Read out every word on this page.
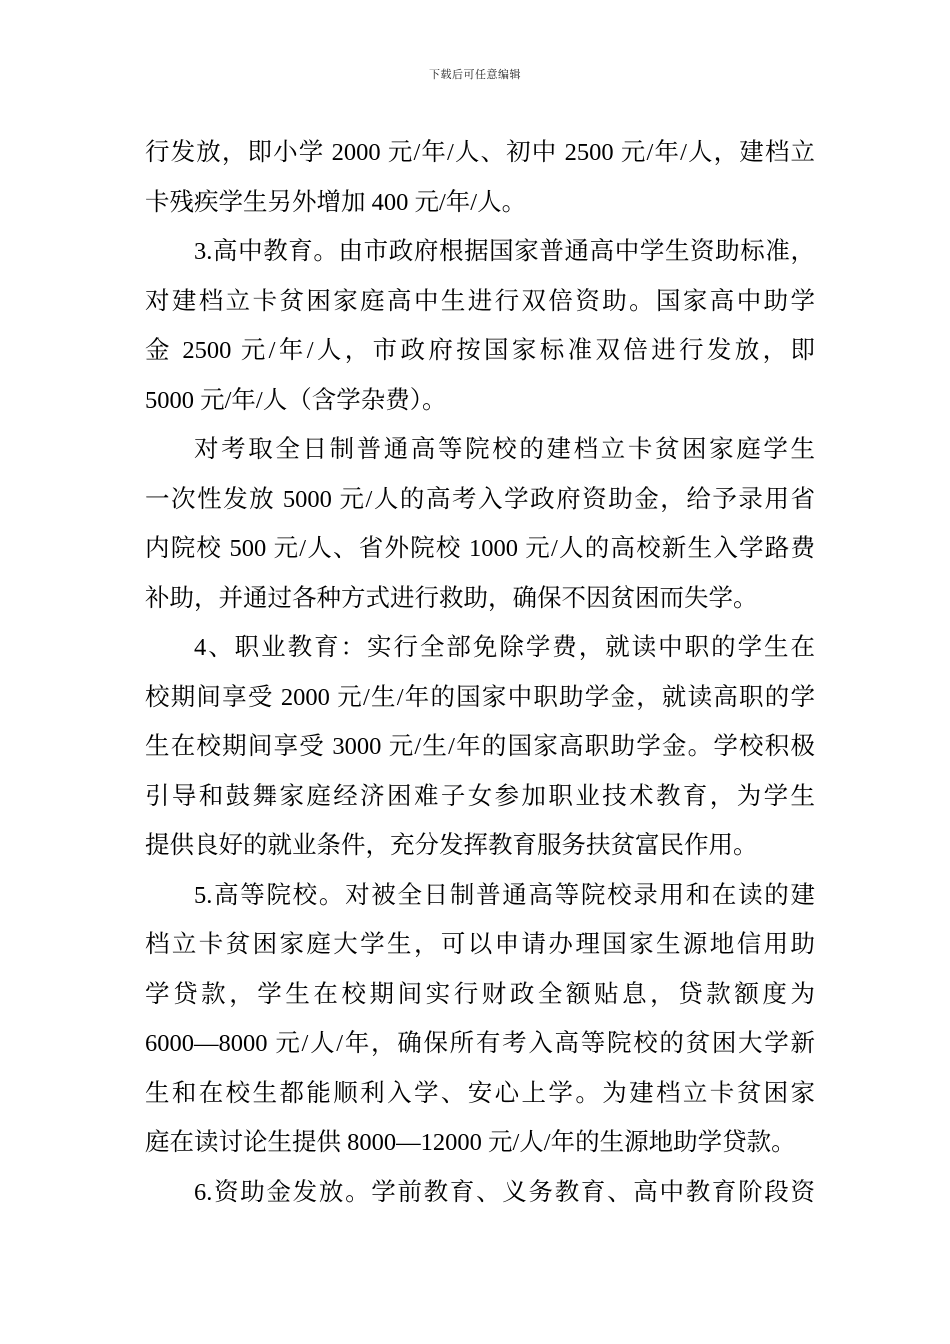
下载后可任意编辑
行发放，即小学 2000 元/年/人、初中 2500 元/年/人，建档立
卡残疾学生另外增加 400 元/年/人。
3.高中教育。由市政府根据国家普通高中学生资助标准，
对建档立卡贫困家庭高中生进行双倍资助。国家高中助学
金 2500 元/年/人，市政府按国家标准双倍进行发放，即
5000 元/年/人（含学杂费）。
对考取全日制普通高等院校的建档立卡贫困家庭学生
一次性发放 5000 元/人的高考入学政府资助金，给予录用省
内院校 500 元/人、省外院校 1000 元/人的高校新生入学路费
补助，并通过各种方式进行救助，确保不因贫困而失学。
4、职业教育：实行全部免除学费，就读中职的学生在
校期间享受 2000 元/生/年的国家中职助学金，就读高职的学
生在校期间享受 3000 元/生/年的国家高职助学金。学校积极
引导和鼓舞家庭经济困难子女参加职业技术教育，为学生
提供良好的就业条件，充分发挥教育服务扶贫富民作用。
5.高等院校。对被全日制普通高等院校录用和在读的建
档立卡贫困家庭大学生，可以申请办理国家生源地信用助
学贷款，学生在校期间实行财政全额贴息，贷款额度为
6000—8000 元/人/年，确保所有考入高等院校的贫困大学新
生和在校生都能顺利入学、安心上学。为建档立卡贫困家
庭在读讨论生提供 8000—12000 元/人/年的生源地助学贷款。
6.资助金发放。学前教育、义务教育、高中教育阶段资
